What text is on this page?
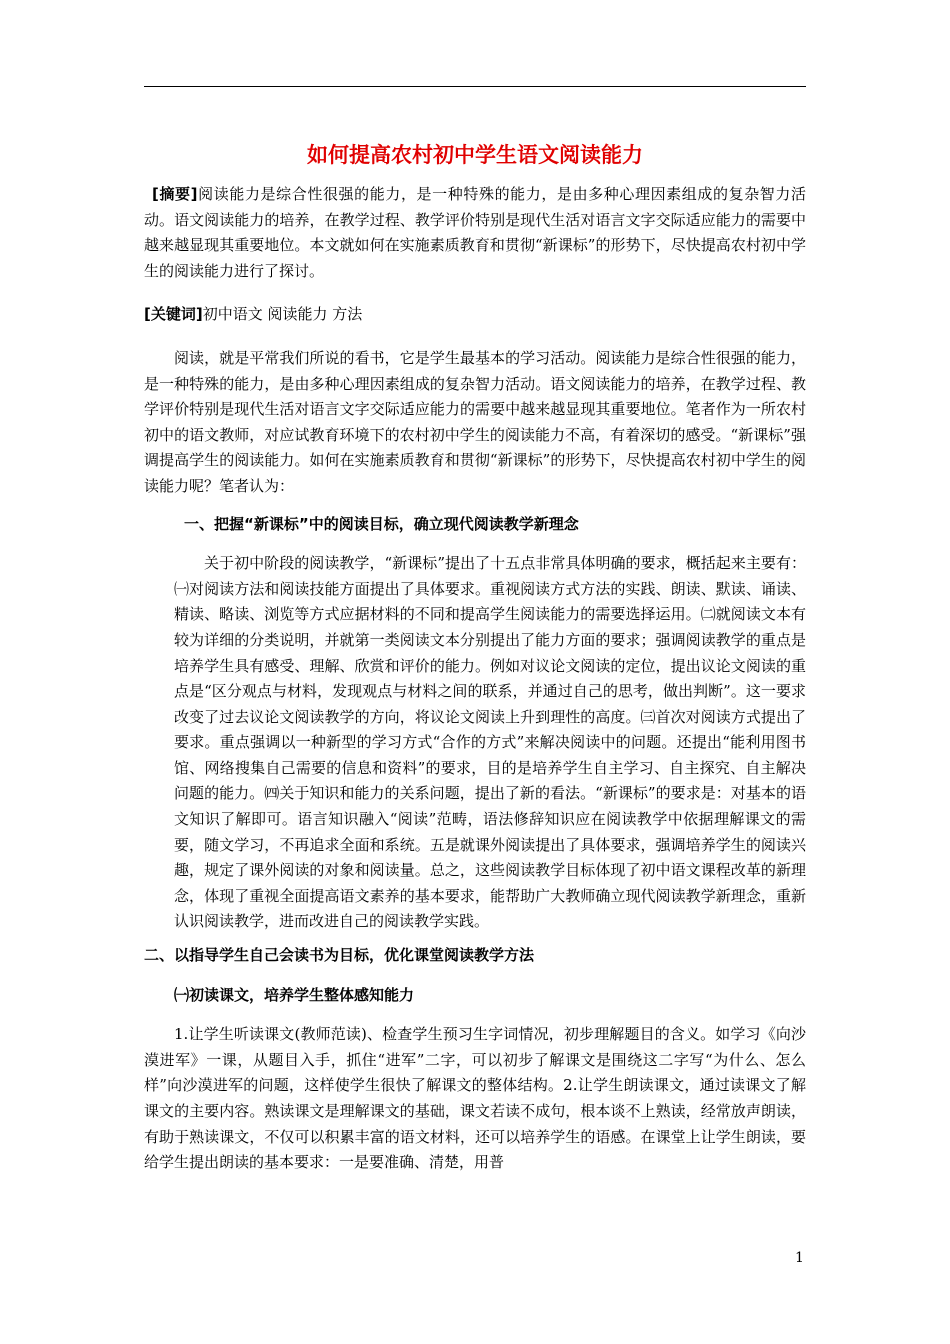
如何提高农村初中学生语文阅读能力
[摘要]阅读能力是综合性很强的能力，是一种特殊的能力，是由多种心理因素组成的复杂智力活动。语文阅读能力的培养，在教学过程、教学评价特别是现代生活对语言文字交际适应能力的需要中越来越显现其重要地位。本文就如何在实施素质教育和贯彻“新课标”的形势下，尽快提高农村初中学生的阅读能力进行了探讨。
[关键词]初中语文 阅读能力 方法
阅读，就是平常我们所说的看书，它是学生最基本的学习活动。阅读能力是综合性很强的能力，是一种特殊的能力，是由多种心理因素组成的复杂智力活动。语文阅读能力的培养，在教学过程、教学评价特别是现代生活对语言文字交际适应能力的需要中越来越显现其重要地位。笔者作为一所农村初中的语文教师，对应试教育环境下的农村初中学生的阅读能力不高，有着深切的感受。“新课标”强调提高学生的阅读能力。如何在实施素质教育和贯彻“新课标”的形势下，尽快提高农村初中学生的阅读能力呢？笔者认为：
一、把握“新课标”中的阅读目标，确立现代阅读教学新理念
关于初中阶段的阅读教学，“新课标”提出了十五点非常具体明确的要求，概括起来主要有：㈠对阅读方法和阅读技能方面提出了具体要求。重视阅读方式方法的实践、朗读、默读、诵读、精读、略读、浏览等方式应据材料的不同和提高学生阅读能力的需要选择运用。㈡就阅读文本有较为详细的分类说明，并就第一类阅读文本分别提出了能力方面的要求；强调阅读教学的重点是培养学生具有感受、理解、欣赏和评价的能力。例如对议论文阅读的定位，提出议论文阅读的重点是“区分观点与材料，发现观点与材料之间的联系，并通过自己的思考，做出判断”。这一要求改变了过去议论文阅读教学的方向，将议论文阅读上升到理性的高度。㈢首次对阅读方式提出了要求。重点强调以一种新型的学习方式“合作的方式”来解决阅读中的问题。还提出“能利用图书馆、网络搜集自己需要的信息和资料”的要求，目的是培养学生自主学习、自主探究、自主解决问题的能力。㈣关于知识和能力的关系问题，提出了新的看法。“新课标”的要求是：对基本的语文知识了解即可。语言知识融入“阅读”范畴，语法修辞知识应在阅读教学中依据理解课文的需要，随文学习，不再追求全面和系统。五是就课外阅读提出了具体要求，强调培养学生的阅读兴趣，规定了课外阅读的对象和阅读量。总之，这些阅读教学目标体现了初中语文课程改革的新理念，体现了重视全面提高语文素养的基本要求，能帮助广大教师确立现代阅读教学新理念，重新认识阅读教学，进而改进自己的阅读教学实践。
二、以指导学生自己会读书为目标，优化课堂阅读教学方法
㈠初读课文，培养学生整体感知能力
1.让学生听读课文(教师范读)、检查学生预习生字词情况，初步理解题目的含义。如学习《向沙漠进军》一课，从题目入手，抓住“进军”二字，可以初步了解课文是围绕这二字写“为什么、怎么样”向沙漠进军的问题，这样使学生很快了解课文的整体结构。2.让学生朗读课文，通过读课文了解课文的主要内容。熟读课文是理解课文的基础，课文若读不成句，根本谈不上熟读，经常放声朗读，有助于熟读课文，不仅可以积累丰富的语文材料，还可以培养学生的语感。在课堂上让学生朗读，要给学生提出朗读的基本要求：一是要准确、清楚，用普
1
